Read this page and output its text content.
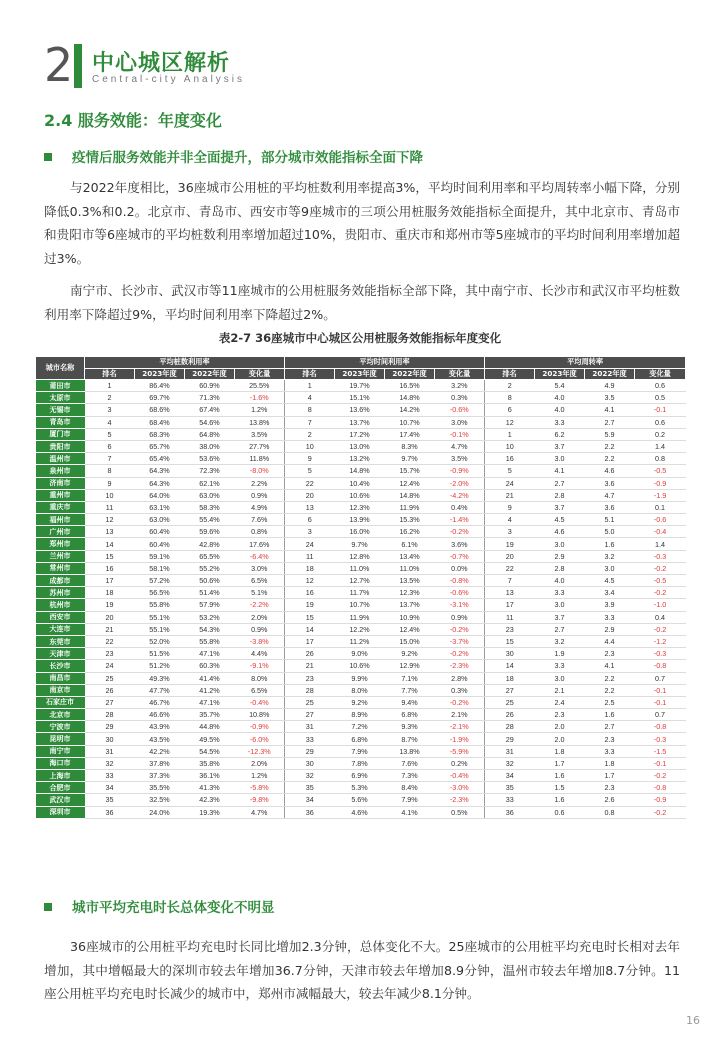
2 中心城区解析
Central-city Analysis
2.4 服务效能：年度变化
疫情后服务效能并非全面提升，部分城市效能指标全面下降
与2022年度相比，36座城市公用桩的平均桩数利用率提高3%，平均时间利用率和平均周转率小幅下降，分别降低0.3%和0.2。北京市、青岛市、西安市等9座城市的三项公用桩服务效能指标全面提升，其中北京市、青岛市和贵阳市等6座城市的平均桩数利用率增加超过10%，贵阳市、重庆市和郑州市等5座城市的平均时间利用率增加超过3%。
南宁市、长沙市、武汉市等11座城市的公用桩服务效能指标全部下降，其中南宁市、长沙市和武汉市平均桩数利用率下降超过9%，平均时间利用率下降超过2%。
表2-7 36座城市中心城区公用桩服务效能指标年度变化
城市名称	平均桩数利用率				平均时间利用率				平均周转率			
	排名	2023年度	2022年度	变化量	排名	2023年度	2022年度	变化量	排名	2023年度	2022年度	变化量
莆田市	1	86.4%	60.9%	25.5%	1	19.7%	16.5%	3.2%	2	5.4	4.9	0.6
太原市	2	69.7%	71.3%	-1.6%	4	15.1%	14.8%	0.3%	8	4.0	3.5	0.5
无锡市	3	68.6%	67.4%	1.2%	8	13.6%	14.2%	-0.6%	6	4.0	4.1	-0.1
青岛市	4	68.4%	54.6%	13.8%	7	13.7%	10.7%	3.0%	12	3.3	2.7	0.6
厦门市	5	68.3%	64.8%	3.5%	2	17.2%	17.4%	-0.1%	1	6.2	5.9	0.2
贵阳市	6	65.7%	38.0%	27.7%	10	13.0%	8.3%	4.7%	10	3.7	2.2	1.4
温州市	7	65.4%	53.6%	11.8%	9	13.2%	9.7%	3.5%	16	3.0	2.2	0.8
泉州市	8	64.3%	72.3%	-8.0%	5	14.8%	15.7%	-0.9%	5	4.1	4.6	-0.5
济南市	9	64.3%	62.1%	2.2%	22	10.4%	12.4%	-2.0%	24	2.7	3.6	-0.9
重州市	10	64.0%	63.0%	0.9%	20	10.6%	14.8%	-4.2%	21	2.8	4.7	-1.9
重庆市	11	63.1%	58.3%	4.9%	13	12.3%	11.9%	0.4%	9	3.7	3.6	0.1
福州市	12	63.0%	55.4%	7.6%	6	13.9%	15.3%	-1.4%	4	4.5	5.1	-0.6
广州市	13	60.4%	59.6%	0.8%	3	16.0%	16.2%	-0.2%	3	4.6	5.0	-0.4
郑州市	14	60.4%	42.8%	17.6%	24	9.7%	6.1%	3.6%	19	3.0	1.6	1.4
兰州市	15	59.1%	65.5%	-6.4%	11	12.8%	13.4%	-0.7%	20	2.9	3.2	-0.3
常州市	16	58.1%	55.2%	3.0%	18	11.0%	11.0%	0.0%	22	2.8	3.0	-0.2
成都市	17	57.2%	50.6%	6.5%	12	12.7%	13.5%	-0.8%	7	4.0	4.5	-0.5
苏州市	18	56.5%	51.4%	5.1%	16	11.7%	12.3%	-0.6%	13	3.3	3.4	-0.2
杭州市	19	55.8%	57.9%	-2.2%	19	10.7%	13.7%	-3.1%	17	3.0	3.9	-1.0
西安市	20	55.1%	53.2%	2.0%	15	11.9%	10.9%	0.9%	11	3.7	3.3	0.4
大连市	21	55.1%	54.3%	0.9%	14	12.2%	12.4%	-0.2%	23	2.7	2.9	-0.2
东莞市	22	52.0%	55.8%	-3.8%	17	11.2%	15.0%	-3.7%	15	3.2	4.4	-1.2
天津市	23	51.5%	47.1%	4.4%	26	9.0%	9.2%	-0.2%	30	1.9	2.3	-0.3
长沙市	24	51.2%	60.3%	-9.1%	21	10.6%	12.9%	-2.3%	14	3.3	4.1	-0.8
南昌市	25	49.3%	41.4%	8.0%	23	9.9%	7.1%	2.8%	18	3.0	2.2	0.7
南京市	26	47.7%	41.2%	6.5%	28	8.0%	7.7%	0.3%	27	2.1	2.2	-0.1
石家庄市	27	46.7%	47.1%	-0.4%	25	9.2%	9.4%	-0.2%	25	2.4	2.5	-0.1
北京市	28	46.6%	35.7%	10.8%	27	8.9%	6.8%	2.1%	26	2.3	1.6	0.7
宁波市	29	43.9%	44.8%	-0.9%	31	7.2%	9.3%	-2.1%	28	2.0	2.7	-0.8
昆明市	30	43.5%	49.5%	-6.0%	33	6.8%	8.7%	-1.9%	29	2.0	2.3	-0.3
南宁市	31	42.2%	54.5%	-12.3%	29	7.9%	13.8%	-5.9%	31	1.8	3.3	-1.5
海口市	32	37.8%	35.8%	2.0%	30	7.8%	7.6%	0.2%	32	1.7	1.8	-0.1
上海市	33	37.3%	36.1%	1.2%	32	6.9%	7.3%	-0.4%	34	1.6	1.7	-0.2
合肥市	34	35.5%	41.3%	-5.8%	35	5.3%	8.4%	-3.0%	35	1.5	2.3	-0.8
武汉市	35	32.5%	42.3%	-9.8%	34	5.6%	7.9%	-2.3%	33	1.6	2.6	-0.9
深圳市	36	24.0%	19.3%	4.7%	36	4.6%	4.1%	0.5%	36	0.6	0.8	-0.2
城市平均充电时长总体变化不明显
36座城市的公用桩平均充电时长同比增加2.3分钟，总体变化不大。25座城市的公用桩平均充电时长相对去年增加，其中增幅最大的深圳市较去年增加36.7分钟，天津市较去年增加8.9分钟，温州市较去年增加8.7分钟。11座公用桩平均充电时长减少的城市中，郑州市减幅最大，较去年减少8.1分钟。
16
